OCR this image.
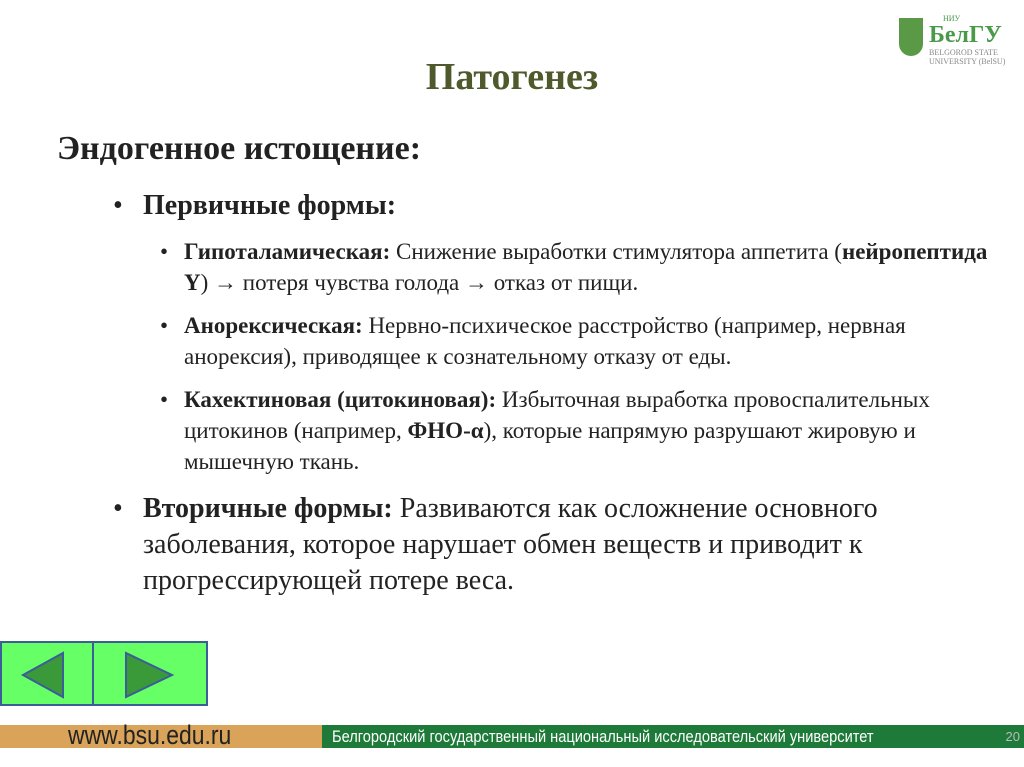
НИУ
БелГУ
BELGOROD STATE
UNIVERSITY (BelSU)
Патогенез
Эндогенное истощение:
• Первичные формы:
• Гипоталамическая: Снижение выработки стимулятора аппетита (нейропептида Y) → потеря чувства голода → отказ от пищи.
• Анорексическая: Нервно-психическое расстройство (например, нервная анорексия), приводящее к сознательному отказу от еды.
• Кахектиновая (цитокиновая): Избыточная выработка провоспалительных цитокинов (например, ФНО-α), которые напрямую разрушают жировую и мышечную ткань.
• Вторичные формы: Развиваются как осложнение основного заболевания, которое нарушает обмен веществ и приводит к прогрессирующей потере веса.
www.bsu.edu.ru	Белгородский государственный национальный исследовательский университет	20
